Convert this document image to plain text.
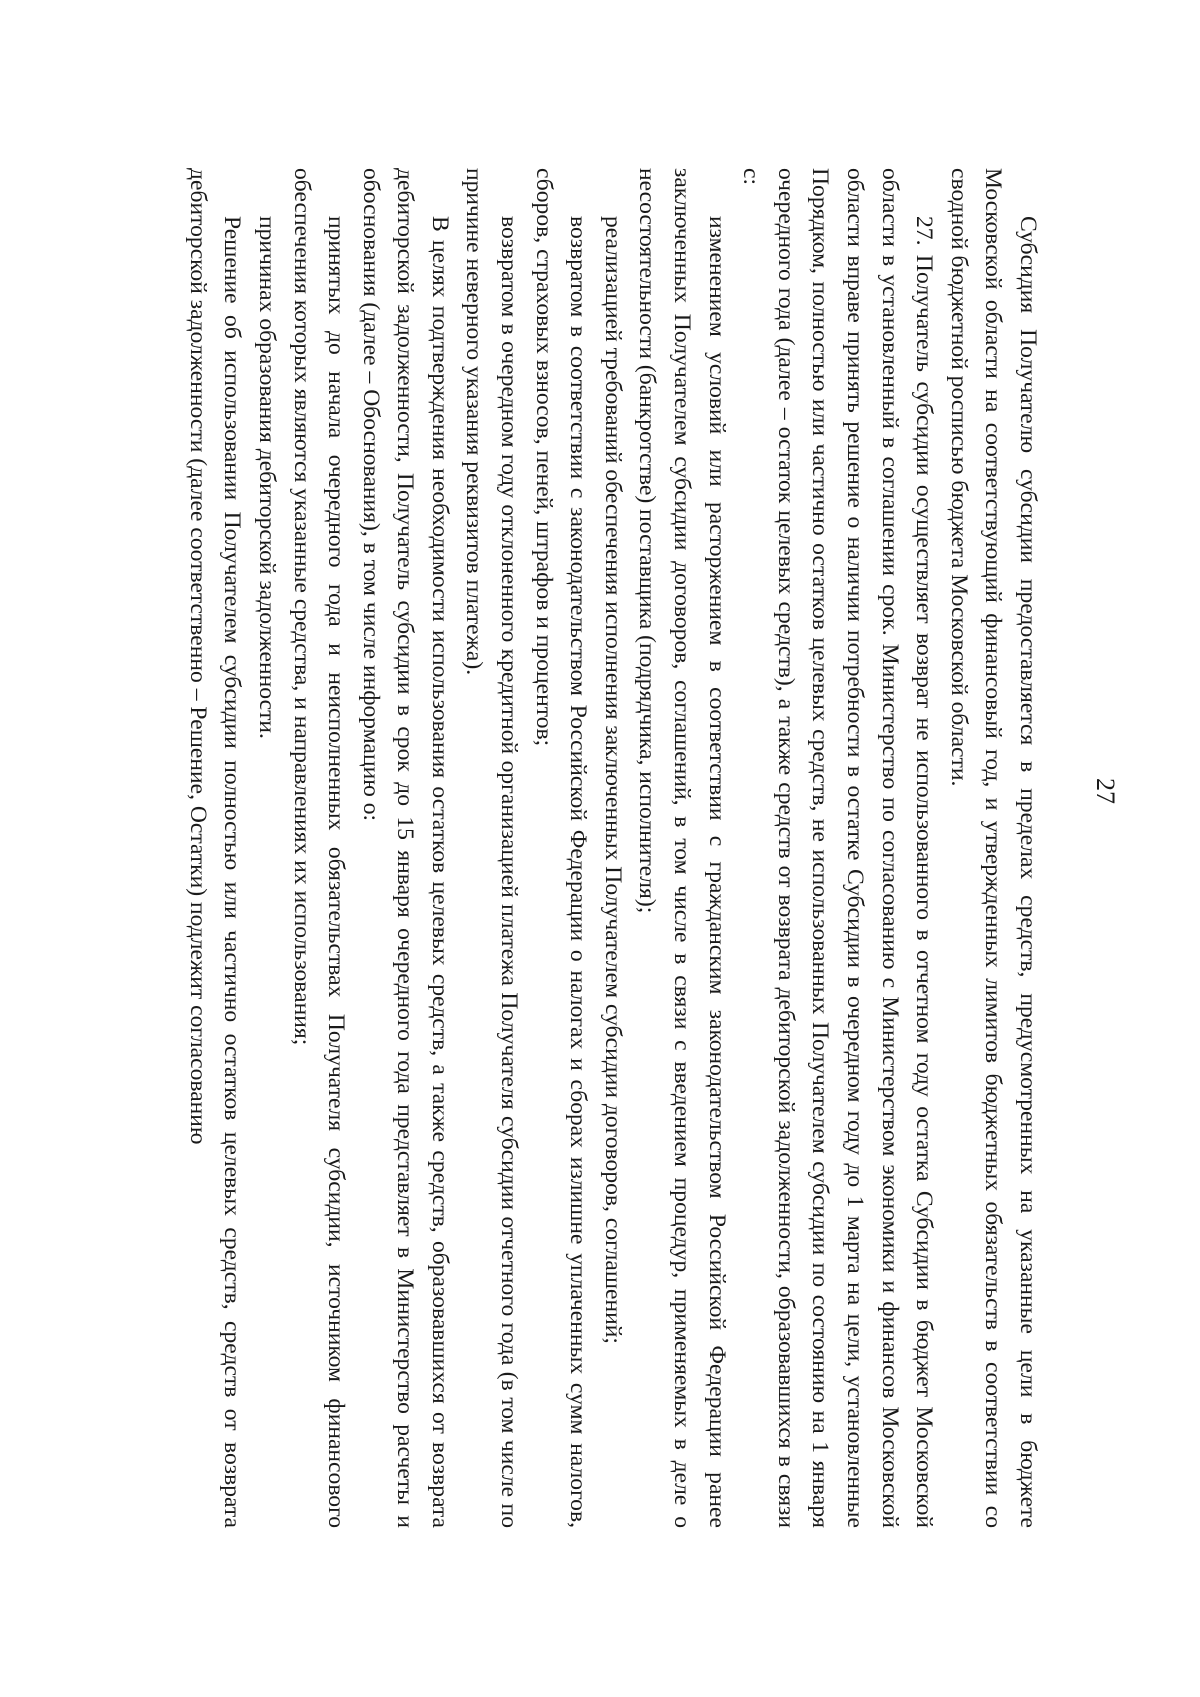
27

Субсидия Получателю субсидии предоставляется в пределах средств, предусмотренных на указанные цели в бюджете Московской области на соответствующий финансовый год, и утвержденных лимитов бюджетных обязательств в соответствии со сводной бюджетной росписью бюджета Московской области.

27. Получатель субсидии осуществляет возврат не использованного в отчетном году остатка Субсидии в бюджет Московской области в установленный в соглашении срок. Министерство по согласованию с Министерством экономики и финансов Московской области вправе принять решение о наличии потребности в остатке Субсидии в очередном году до 1 марта на цели, установленные Порядком, полностью или частично остатков целевых средств, не использованных Получателем субсидии по состоянию на 1 января очередного года (далее – остаток целевых средств), а также средств от возврата дебиторской задолженности, образовавшихся в связи с:

изменением условий или расторжением в соответствии с гражданским законодательством Российской Федерации ранее заключенных Получателем субсидии договоров, соглашений, в том числе в связи с введением процедур, применяемых в деле о несостоятельности (банкротстве) поставщика (подрядчика, исполнителя);

реализацией требований обеспечения исполнения заключенных Получателем субсидии договоров, соглашений;

возвратом в соответствии с законодательством Российской Федерации о налогах и сборах излишне уплаченных сумм налогов, сборов, страховых взносов, пеней, штрафов и процентов;

возвратом в очередном году отклоненного кредитной организацией платежа Получателя субсидии отчетного года (в том числе по причине неверного указания реквизитов платежа).

В целях подтверждения необходимости использования остатков целевых средств, а также средств, образовавшихся от возврата дебиторской задолженности, Получатель субсидии в срок до 15 января очередного года представляет в Министерство расчеты и обоснования (далее – Обоснования), в том числе информацию о:

принятых до начала очередного года и неисполненных обязательствах Получателя субсидии, источником финансового обеспечения которых являются указанные средства, и направлениях их использования;

причинах образования дебиторской задолженности.

Решение об использовании Получателем субсидии полностью или частично остатков целевых средств, средств от возврата дебиторской задолженности (далее соответственно – Решение, Остатки) подлежит согласованию
